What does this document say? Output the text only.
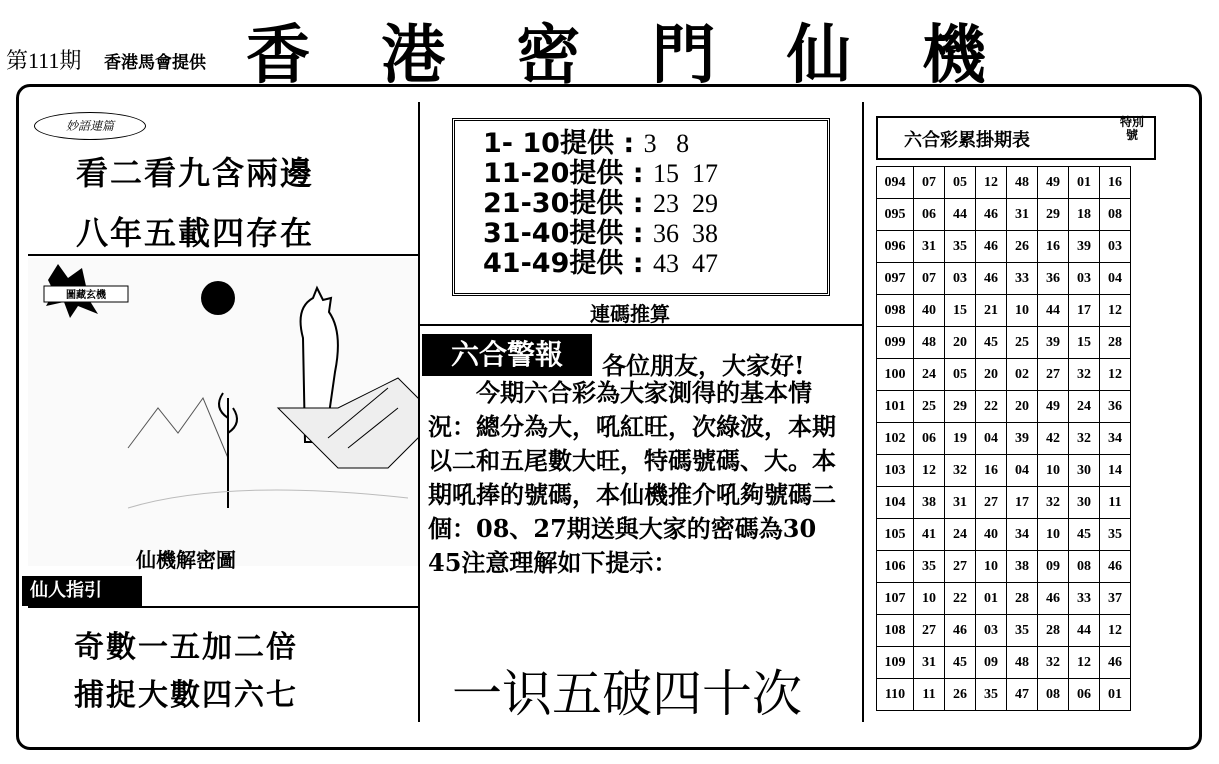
第111期 香港馬會提供 香 港 密 門 仙 機
妙語連篇
看二看九含兩邊
八年五載四存在
圖藏玄機
仙機解密圖
仙人指引
奇數一五加二倍
捕捉大數四六七
1- 10提供 : 3   8
11-20提供 : 15  17
21-30提供 : 23  29
31-40提供 : 36  38
41-49提供 : 43  47
連碼推算
六合警報	各位朋友，大家好!
　　今期六合彩為大家測得的基本情況：總分為大，吼紅旺，次綠波，本期以二和五尾數大旺，特碼號碼、大。本期吼捧的號碼，本仙機推介吼夠號碼二個：08、27期送與大家的密碼為30 45注意理解如下提示：
一识五破四十次
六合彩累掛期表
特別號
094	07	05	12	48	49	01	16
095	06	44	46	31	29	18	08
096	31	35	46	26	16	39	03
097	07	03	46	33	36	03	04
098	40	15	21	10	44	17	12
099	48	20	45	25	39	15	28
100	24	05	20	02	27	32	12
101	25	29	22	20	49	24	36
102	06	19	04	39	42	32	34
103	12	32	16	04	10	30	14
104	38	31	27	17	32	30	11
105	41	24	40	34	10	45	35
106	35	27	10	38	09	08	46
107	10	22	01	28	46	33	37
108	27	46	03	35	28	44	12
109	31	45	09	48	32	12	46
110	11	26	35	47	08	06	01
